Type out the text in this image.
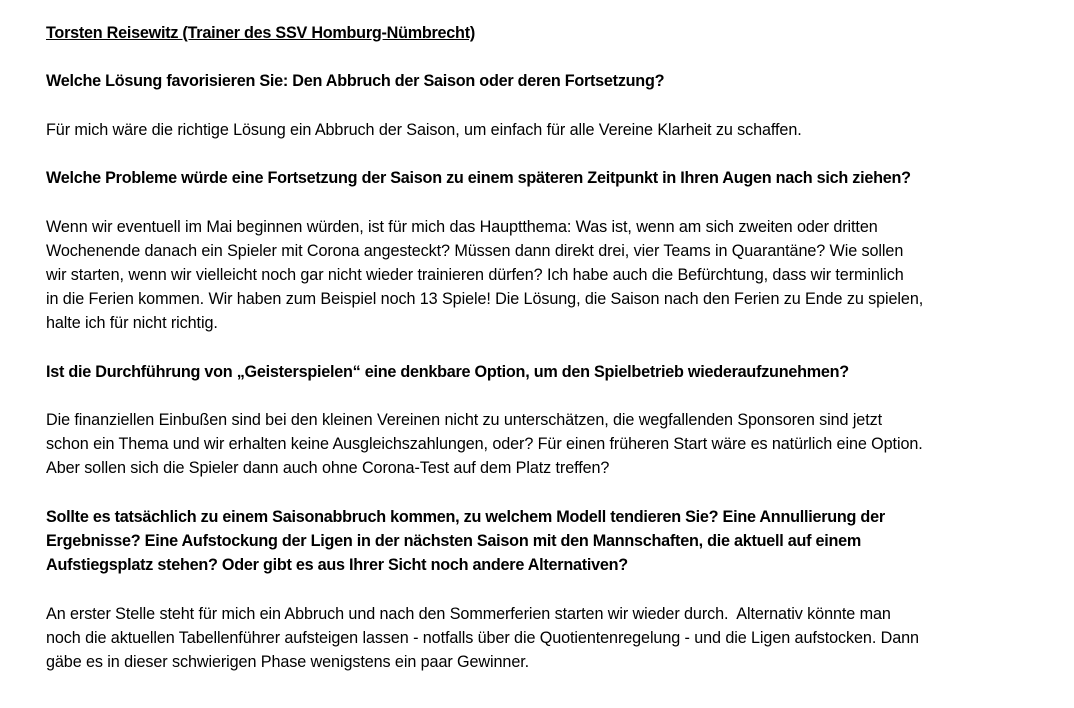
Torsten Reisewitz (Trainer des SSV Homburg-Nümbrecht)
Welche Lösung favorisieren Sie: Den Abbruch der Saison oder deren Fortsetzung?
Für mich wäre die richtige Lösung ein Abbruch der Saison, um einfach für alle Vereine Klarheit zu schaffen.
Welche Probleme würde eine Fortsetzung der Saison zu einem späteren Zeitpunkt in Ihren Augen nach sich ziehen?
Wenn wir eventuell im Mai beginnen würden, ist für mich das Hauptthema: Was ist, wenn am sich zweiten oder dritten
Wochenende danach ein Spieler mit Corona angesteckt? Müssen dann direkt drei, vier Teams in Quarantäne? Wie sollen
wir starten, wenn wir vielleicht noch gar nicht wieder trainieren dürfen? Ich habe auch die Befürchtung, dass wir terminlich
in die Ferien kommen. Wir haben zum Beispiel noch 13 Spiele! Die Lösung, die Saison nach den Ferien zu Ende zu spielen,
halte ich für nicht richtig.
Ist die Durchführung von „Geisterspielen“ eine denkbare Option, um den Spielbetrieb wiederaufzunehmen?
Die finanziellen Einbußen sind bei den kleinen Vereinen nicht zu unterschätzen, die wegfallenden Sponsoren sind jetzt
schon ein Thema und wir erhalten keine Ausgleichszahlungen, oder? Für einen früheren Start wäre es natürlich eine Option.
Aber sollen sich die Spieler dann auch ohne Corona-Test auf dem Platz treffen?
Sollte es tatsächlich zu einem Saisonabbruch kommen, zu welchem Modell tendieren Sie? Eine Annullierung der
Ergebnisse? Eine Aufstockung der Ligen in der nächsten Saison mit den Mannschaften, die aktuell auf einem
Aufstiegsplatz stehen? Oder gibt es aus Ihrer Sicht noch andere Alternativen?
An erster Stelle steht für mich ein Abbruch und nach den Sommerferien starten wir wieder durch.  Alternativ könnte man
noch die aktuellen Tabellenführer aufsteigen lassen - notfalls über die Quotientenregelung - und die Ligen aufstocken. Dann
gäbe es in dieser schwierigen Phase wenigstens ein paar Gewinner.
